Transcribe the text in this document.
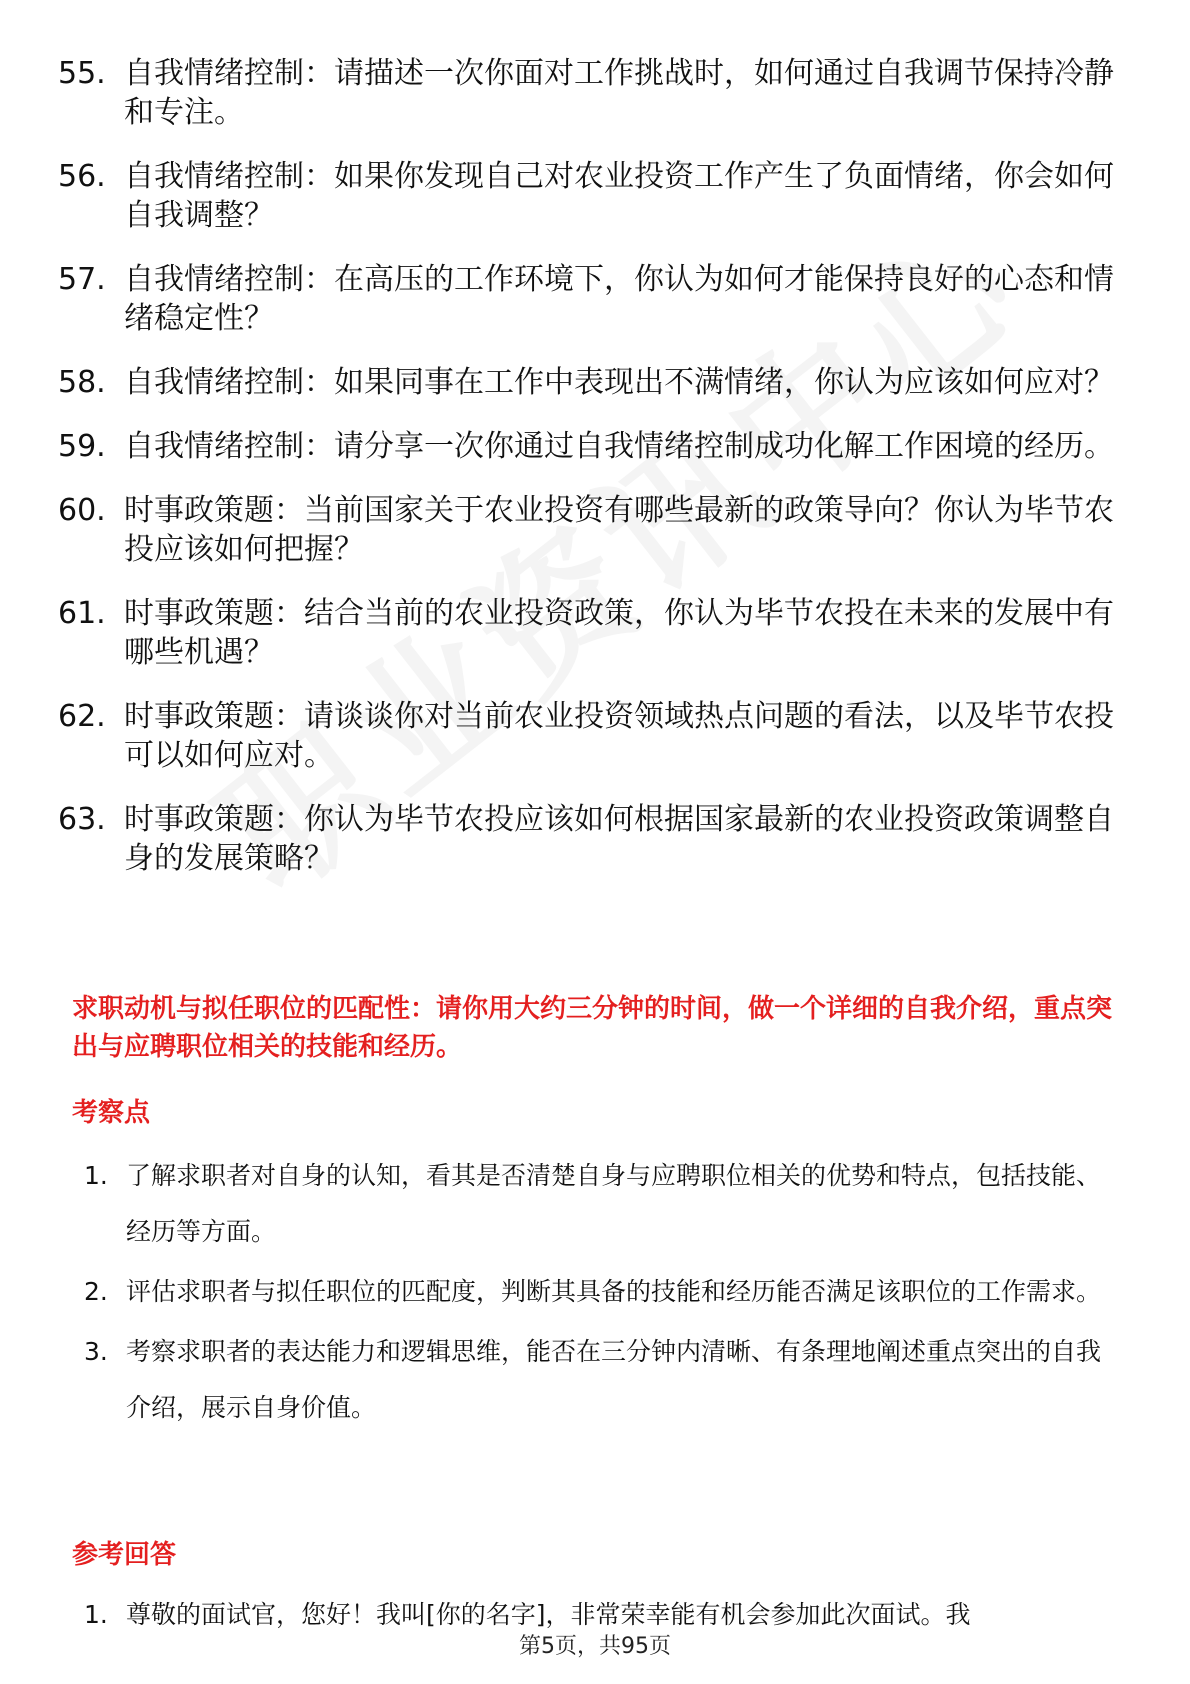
55. 自我情绪控制：请描述一次你面对工作挑战时，如何通过自我调节保持冷静和专注。
56. 自我情绪控制：如果你发现自己对农业投资工作产生了负面情绪，你会如何自我调整？
57. 自我情绪控制：在高压的工作环境下，你认为如何才能保持良好的心态和情绪稳定性？
58. 自我情绪控制：如果同事在工作中表现出不满情绪，你认为应该如何应对？
59. 自我情绪控制：请分享一次你通过自我情绪控制成功化解工作困境的经历。
60. 时事政策题：当前国家关于农业投资有哪些最新的政策导向？你认为毕节农投应该如何把握？
61. 时事政策题：结合当前的农业投资政策，你认为毕节农投在未来的发展中有哪些机遇？
62. 时事政策题：请谈谈你对当前农业投资领域热点问题的看法，以及毕节农投可以如何应对。
63. 时事政策题：你认为毕节农投应该如何根据国家最新的农业投资政策调整自身的发展策略？

求职动机与拟任职位的匹配性：请你用大约三分钟的时间，做一个详细的自我介绍，重点突出与应聘职位相关的技能和经历。

考察点

1. 了解求职者对自身的认知，看其是否清楚自身与应聘职位相关的优势和特点，包括技能、经历等方面。
2. 评估求职者与拟任职位的匹配度，判断其具备的技能和经历能否满足该职位的工作需求。
3. 考察求职者的表达能力和逻辑思维，能否在三分钟内清晰、有条理地阐述重点突出的自我介绍，展示自身价值。

参考回答

1. 尊敬的面试官，您好！我叫[你的名字]，非常荣幸能有机会参加此次面试。我
第5页，共95页
